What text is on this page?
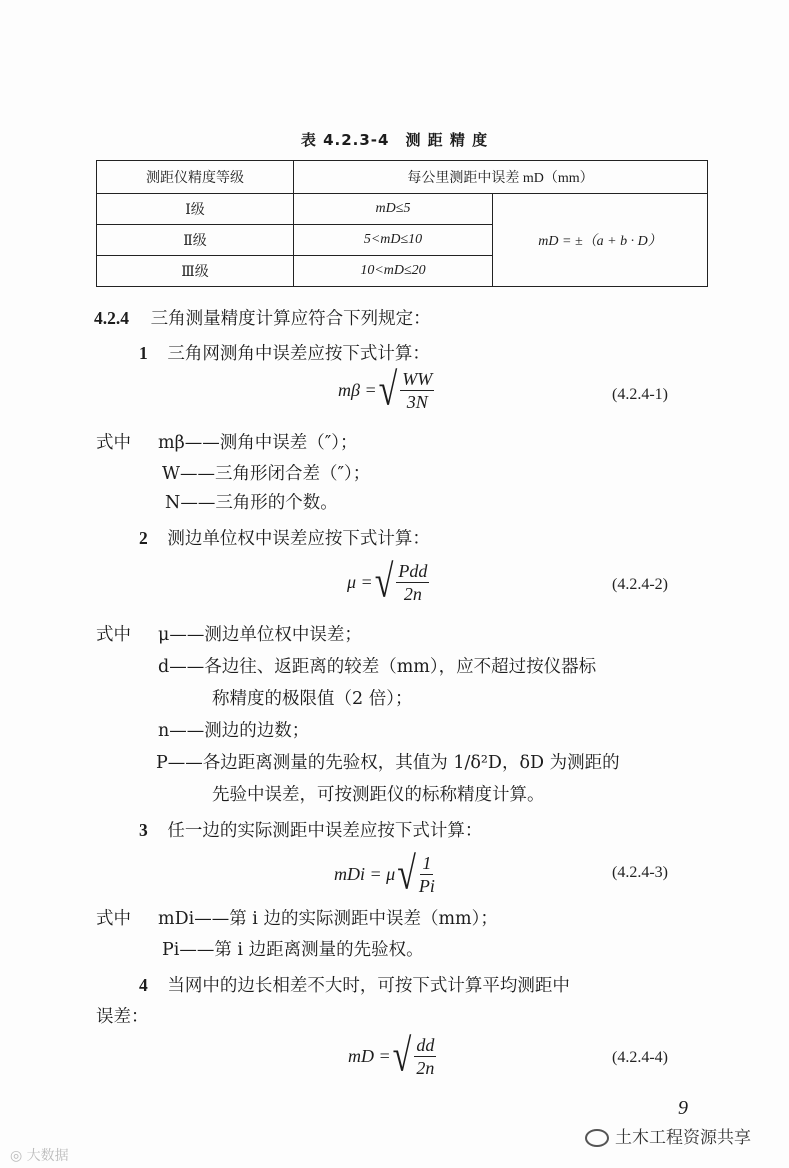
表 4.2.3-4　测 距 精 度
测距仪精度等级	每公里测距中误差 mD（mm）	
Ⅰ级	mD≤5	mD = ±（a + b · D）
Ⅱ级	5<mD≤10	
Ⅲ级	10<mD≤20	
4.2.4 三角测量精度计算应符合下列规定：
1 三角网测角中误差应按下式计算：
mβ = √ $\frac{WW}{3N}$	(4.2.4-1)
式中 mβ——测角中误差（″）；
W——三角形闭合差（″）；
N——三角形的个数。
2 测边单位权中误差应按下式计算：
μ = √ $\frac{\text{Pdd}}{2n}$	(4.2.4-2)
式中 μ——测边单位权中误差；
d——各边往、返距离的较差（mm），应不超过按仪器标
称精度的极限值（2 倍）；
n——测边的边数；
P——各边距离测量的先验权，其值为 1/δ²D，δD 为测距的
先验中误差，可按测距仪的标称精度计算。
3 任一边的实际测距中误差应按下式计算：
mDi = μ √ $\frac{1}{Pi}$	(4.2.4-3)
式中 mDi——第 i 边的实际测距中误差（mm）；
Pi——第 i 边距离测量的先验权。
4 当网中的边长相差不大时，可按下式计算平均测距中
误差：
mD = √ $\frac{dd}{2n}$	(4.2.4-4)
9
土木工程资源共享
◎ 大数据
